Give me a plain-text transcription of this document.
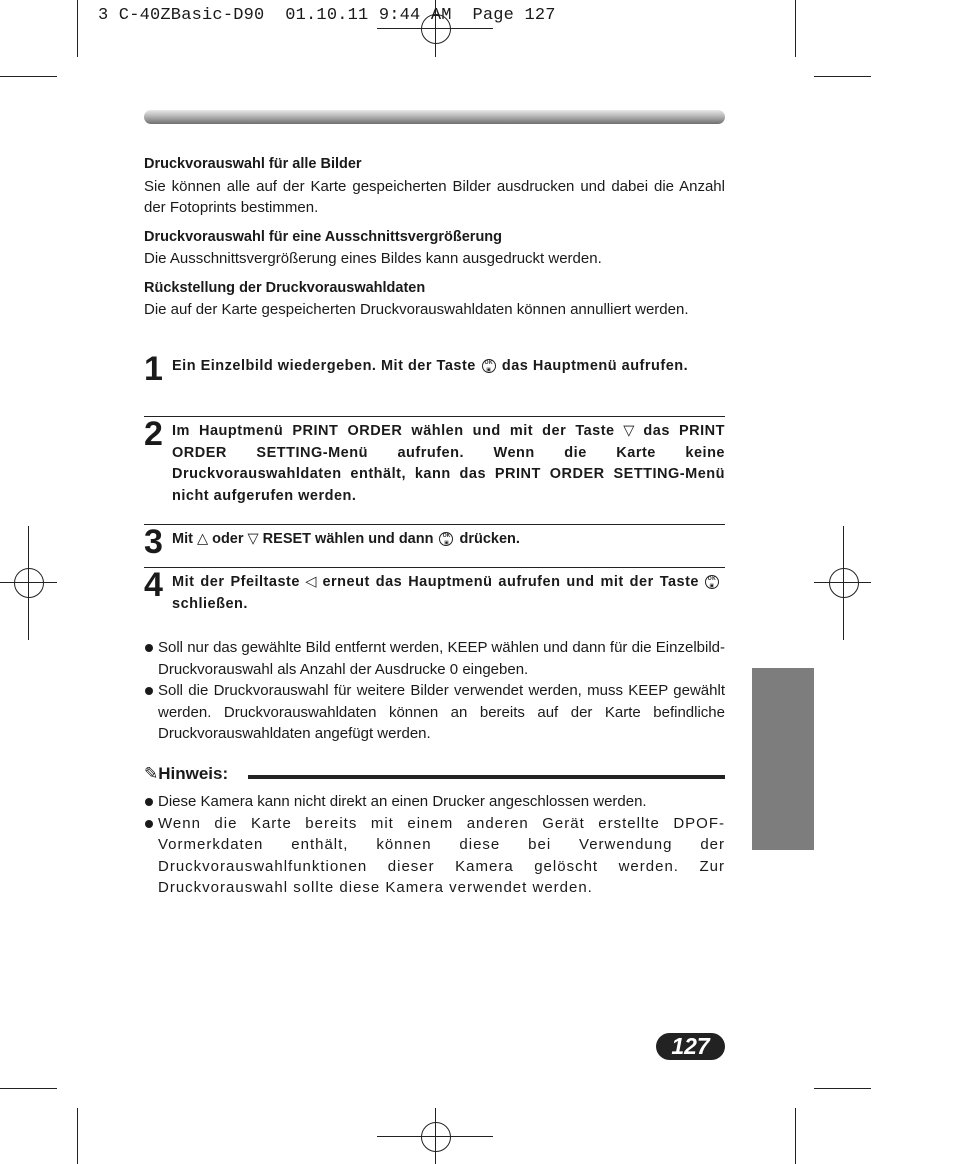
3 C-40ZBasic-D90  01.10.11 9:44 AM  Page 127

Druckvorauswahl für alle Bilder

Sie können alle auf der Karte gespeicherten Bilder ausdrucken und dabei die Anzahl der Fotoprints bestimmen.

Druckvorauswahl für eine Ausschnittsvergrößerung

Die Ausschnittsvergrößerung eines Bildes kann ausgedruckt werden.

Rückstellung der Druckvorauswahldaten

Die auf der Karte gespeicherten Druckvorauswahldaten können annulliert werden.

1 Ein Einzelbild wiedergeben. Mit der Taste OK
▣ das Hauptmenü aufrufen.
2 Im Hauptmenü PRINT ORDER wählen und mit der Taste ▽ das PRINT ORDER SETTING-Menü aufrufen. Wenn die Karte keine Druckvorauswahldaten enthält, kann das PRINT ORDER SETTING-Menü nicht aufgerufen werden.
3 Mit △ oder ▽ RESET wählen und dann OK
▣ drücken.
4 Mit der Pfeiltaste ◁ erneut das Hauptmenü aufrufen und mit der Taste OK
▣schließen.

Soll nur das gewählte Bild entfernt werden, KEEP wählen und dann für die Einzelbild-Druckvorauswahl als Anzahl der Ausdrucke 0 eingeben.

Soll die Druckvorauswahl für weitere Bilder verwendet werden, muss KEEP gewählt werden. Druckvorauswahldaten können an bereits auf der Karte befindliche Druckvorauswahldaten angefügt werden.

✎Hinweis:

Diese Kamera kann nicht direkt an einen Drucker angeschlossen werden.

Wenn die Karte bereits mit einem anderen Gerät erstellte DPOF-Vormerkdaten enthält, können diese bei Verwendung der Druckvorauswahlfunktionen dieser Kamera gelöscht werden. Zur Druckvorauswahl sollte diese Kamera verwendet werden.

127
